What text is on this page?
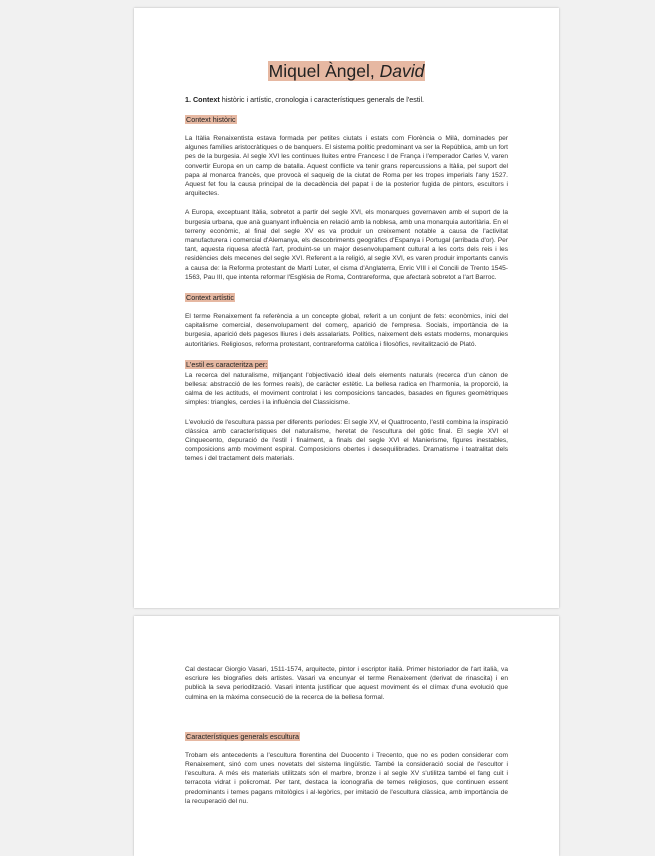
Miquel Àngel, David
1. Context històric i artístic, cronologia i característiques generals de l'estil.
Context històric

La Itàlia Renaixentista estava formada per petites ciutats i estats com Florència o Milà, dominades per algunes famílies aristocràtiques o de banquers. El sistema polític predominant va ser la República, amb un fort pes de la burgesia. Al segle XVI les continues lluites entre Francesc I de França i l'emperador Carles V, varen convertir Europa en un camp de batalla. Aquest conflicte va tenir grans repercussions a Itàlia, pel suport del papa al monarca francès, que provocà el saqueig de la ciutat de Roma per les tropes imperials l'any 1527. Aquest fet fou la causa principal de la decadència del papat i de la posterior fugida de pintors, escultors i arquitectes.

A Europa, exceptuant Itàlia, sobretot a partir del segle XVI, els monarques governaven amb el suport de la burgesia urbana, que anà guanyant influència en relació amb la noblesa, amb una monarquia autoritària. En el terreny econòmic, al final del segle XV es va produir un creixement notable a causa de l'activitat manufacturera i comercial d'Alemanya, els descobriments geogràfics d'Espanya i Portugal (arribada d'or). Per tant, aquesta riquesa afectà l'art, produint-se un major desenvolupament cultural a les corts dels reis i les residències dels mecenes del segle XVI. Referent a la religió, al segle XVI, es varen produir importants canvis a causa de: la Reforma protestant de Martí Luter, el cisma d'Anglaterra, Enric VIII i el Concili de Trento 1545- 1563, Pau III, que intenta reformar l'Església de Roma, Contrareforma, que afectarà sobretot a l'art Barroc.

Context artístic

El terme Renaixement fa referència a un concepte global, referit a un conjunt de fets: econòmics, inici del capitalisme comercial, desenvolupament del comerç, aparició de l'empresa. Socials, importància de la burgesia, aparició dels pagesos lliures i dels assalariats. Polítics, naixement dels estats moderns, monarquies autoritàries. Religiosos, reforma protestant, contrareforma catòlica i filosòfics, revitalització de Plató.

L'estil es caracteritza per:

La recerca del naturalisme, mitjançant l'objectivació ideal dels elements naturals (recerca d'un cànon de bellesa: abstracció de les formes reals), de caràcter estètic. La bellesa radica en l'harmonia, la proporció, la calma de les actituds, el moviment controlat i les composicions tancades, basades en figures geomètriques simples: triangles, cercles i la influència del Classicisme.

L'evolució de l'escultura passa per diferents períodes: El segle XV, el Quattrocento, l'estil combina la inspiració clàssica amb característiques del naturalisme, heretat de l'escultura del gòtic final. El segle XVI el Cinquecento, depuració de l'estil i finalment, a finals del segle XVI el Manierisme, figures inestables, composicions amb moviment espiral. Composicions obertes i desequilibrades. Dramatisme i teatralitat dels temes i del tractament dels materials.

Cal destacar Giorgio Vasari, 1511-1574, arquitecte, pintor i escriptor italià. Primer historiador de l'art italià, va escriure les biografies dels artistes. Vasari va encunyar el terme Renaixement (derivat de rinascita) i en publicà la seva periodització. Vasari intenta justificar que aquest moviment és el clímax d'una evolució que culmina en la màxima consecució de la recerca de la bellesa formal.

Característiques generals escultura

Trobam els antecedents a l'escultura florentina del Duocento i Trecento, que no es poden considerar com Renaixement, sinó com unes novetats del sistema lingüístic. També la consideració social de l'escultor i l'escultura. A més els materials utilitzats són el marbre, bronze i al segle XV s'utilitza també el fang cuit i terracota vidrat i policromat. Per tant, destaca la iconografia de temes religiosos, que continuen essent predominants i temes pagans mitològics i al·legòrics, per imitació de l'escultura clàssica, amb importància de la recuperació del nu.
